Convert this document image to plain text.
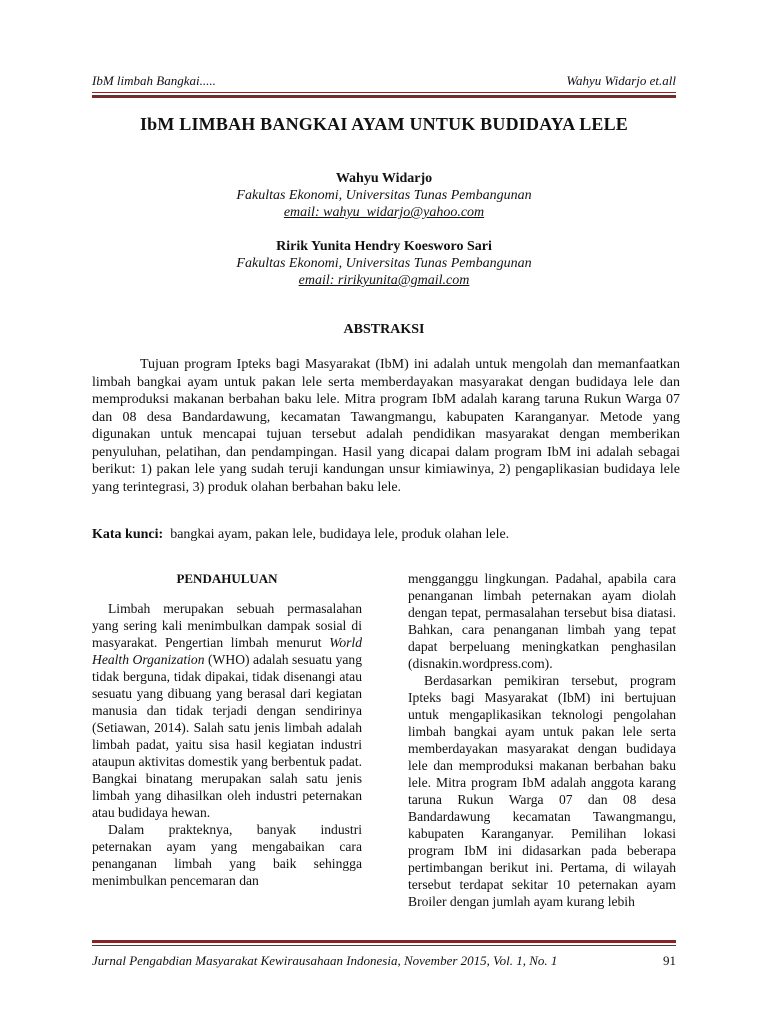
IbM limbah Bangkai.....	Wahyu Widarjo et.all
IbM LIMBAH BANGKAI AYAM UNTUK BUDIDAYA LELE
Wahyu Widarjo
Fakultas Ekonomi, Universitas Tunas Pembangunan
email: wahyu_widarjo@yahoo.com
Ririk Yunita Hendry Koesworo Sari
Fakultas Ekonomi, Universitas Tunas Pembangunan
email: ririkyunita@gmail.com
ABSTRAKSI

Tujuan program Ipteks bagi Masyarakat (IbM) ini adalah untuk mengolah dan memanfaatkan limbah bangkai ayam untuk pakan lele serta memberdayakan masyarakat dengan budidaya lele dan memproduksi makanan berbahan baku lele. Mitra program IbM adalah karang taruna Rukun Warga 07 dan 08 desa Bandardawung, kecamatan Tawangmangu, kabupaten Karanganyar. Metode yang digunakan untuk mencapai tujuan tersebut adalah pendidikan masyarakat dengan memberikan penyuluhan, pelatihan, dan pendampingan. Hasil yang dicapai dalam program IbM ini adalah sebagai berikut: 1) pakan lele yang sudah teruji kandungan unsur kimiawinya, 2) pengaplikasian budidaya lele yang terintegrasi, 3) produk olahan berbahan baku lele.

Kata kunci: bangkai ayam, pakan lele, budidaya lele, produk olahan lele.

PENDAHULUAN

Limbah merupakan sebuah permasalahan yang sering kali menimbulkan dampak sosial di masyarakat. Pengertian limbah menurut World Health Organization (WHO) adalah sesuatu yang tidak berguna, tidak dipakai, tidak disenangi atau sesuatu yang dibuang yang berasal dari kegiatan manusia dan tidak terjadi dengan sendirinya (Setiawan, 2014). Salah satu jenis limbah adalah limbah padat, yaitu sisa hasil kegiatan industri ataupun aktivitas domestik yang berbentuk padat. Bangkai binatang merupakan salah satu jenis limbah yang dihasilkan oleh industri peternakan atau budidaya hewan.

Dalam prakteknya, banyak industri peternakan ayam yang mengabaikan cara penanganan limbah yang baik sehingga menimbulkan pencemaran dan

mengganggu lingkungan. Padahal, apabila cara penanganan limbah peternakan ayam diolah dengan tepat, permasalahan tersebut bisa diatasi. Bahkan, cara penanganan limbah yang tepat dapat berpeluang meningkatkan penghasilan (disnakin.wordpress.com).

Berdasarkan pemikiran tersebut, program Ipteks bagi Masyarakat (IbM) ini bertujuan untuk mengaplikasikan teknologi pengolahan limbah bangkai ayam untuk pakan lele serta memberdayakan masyarakat dengan budidaya lele dan memproduksi makanan berbahan baku lele. Mitra program IbM adalah anggota karang taruna Rukun Warga 07 dan 08 desa Bandardawung kecamatan Tawangmangu, kabupaten Karanganyar. Pemilihan lokasi program IbM ini didasarkan pada beberapa pertimbangan berikut ini. Pertama, di wilayah tersebut terdapat sekitar 10 peternakan ayam Broiler dengan jumlah ayam kurang lebih

Jurnal Pengabdian Masyarakat Kewirausahaan Indonesia, November 2015, Vol. 1, No. 1	91
